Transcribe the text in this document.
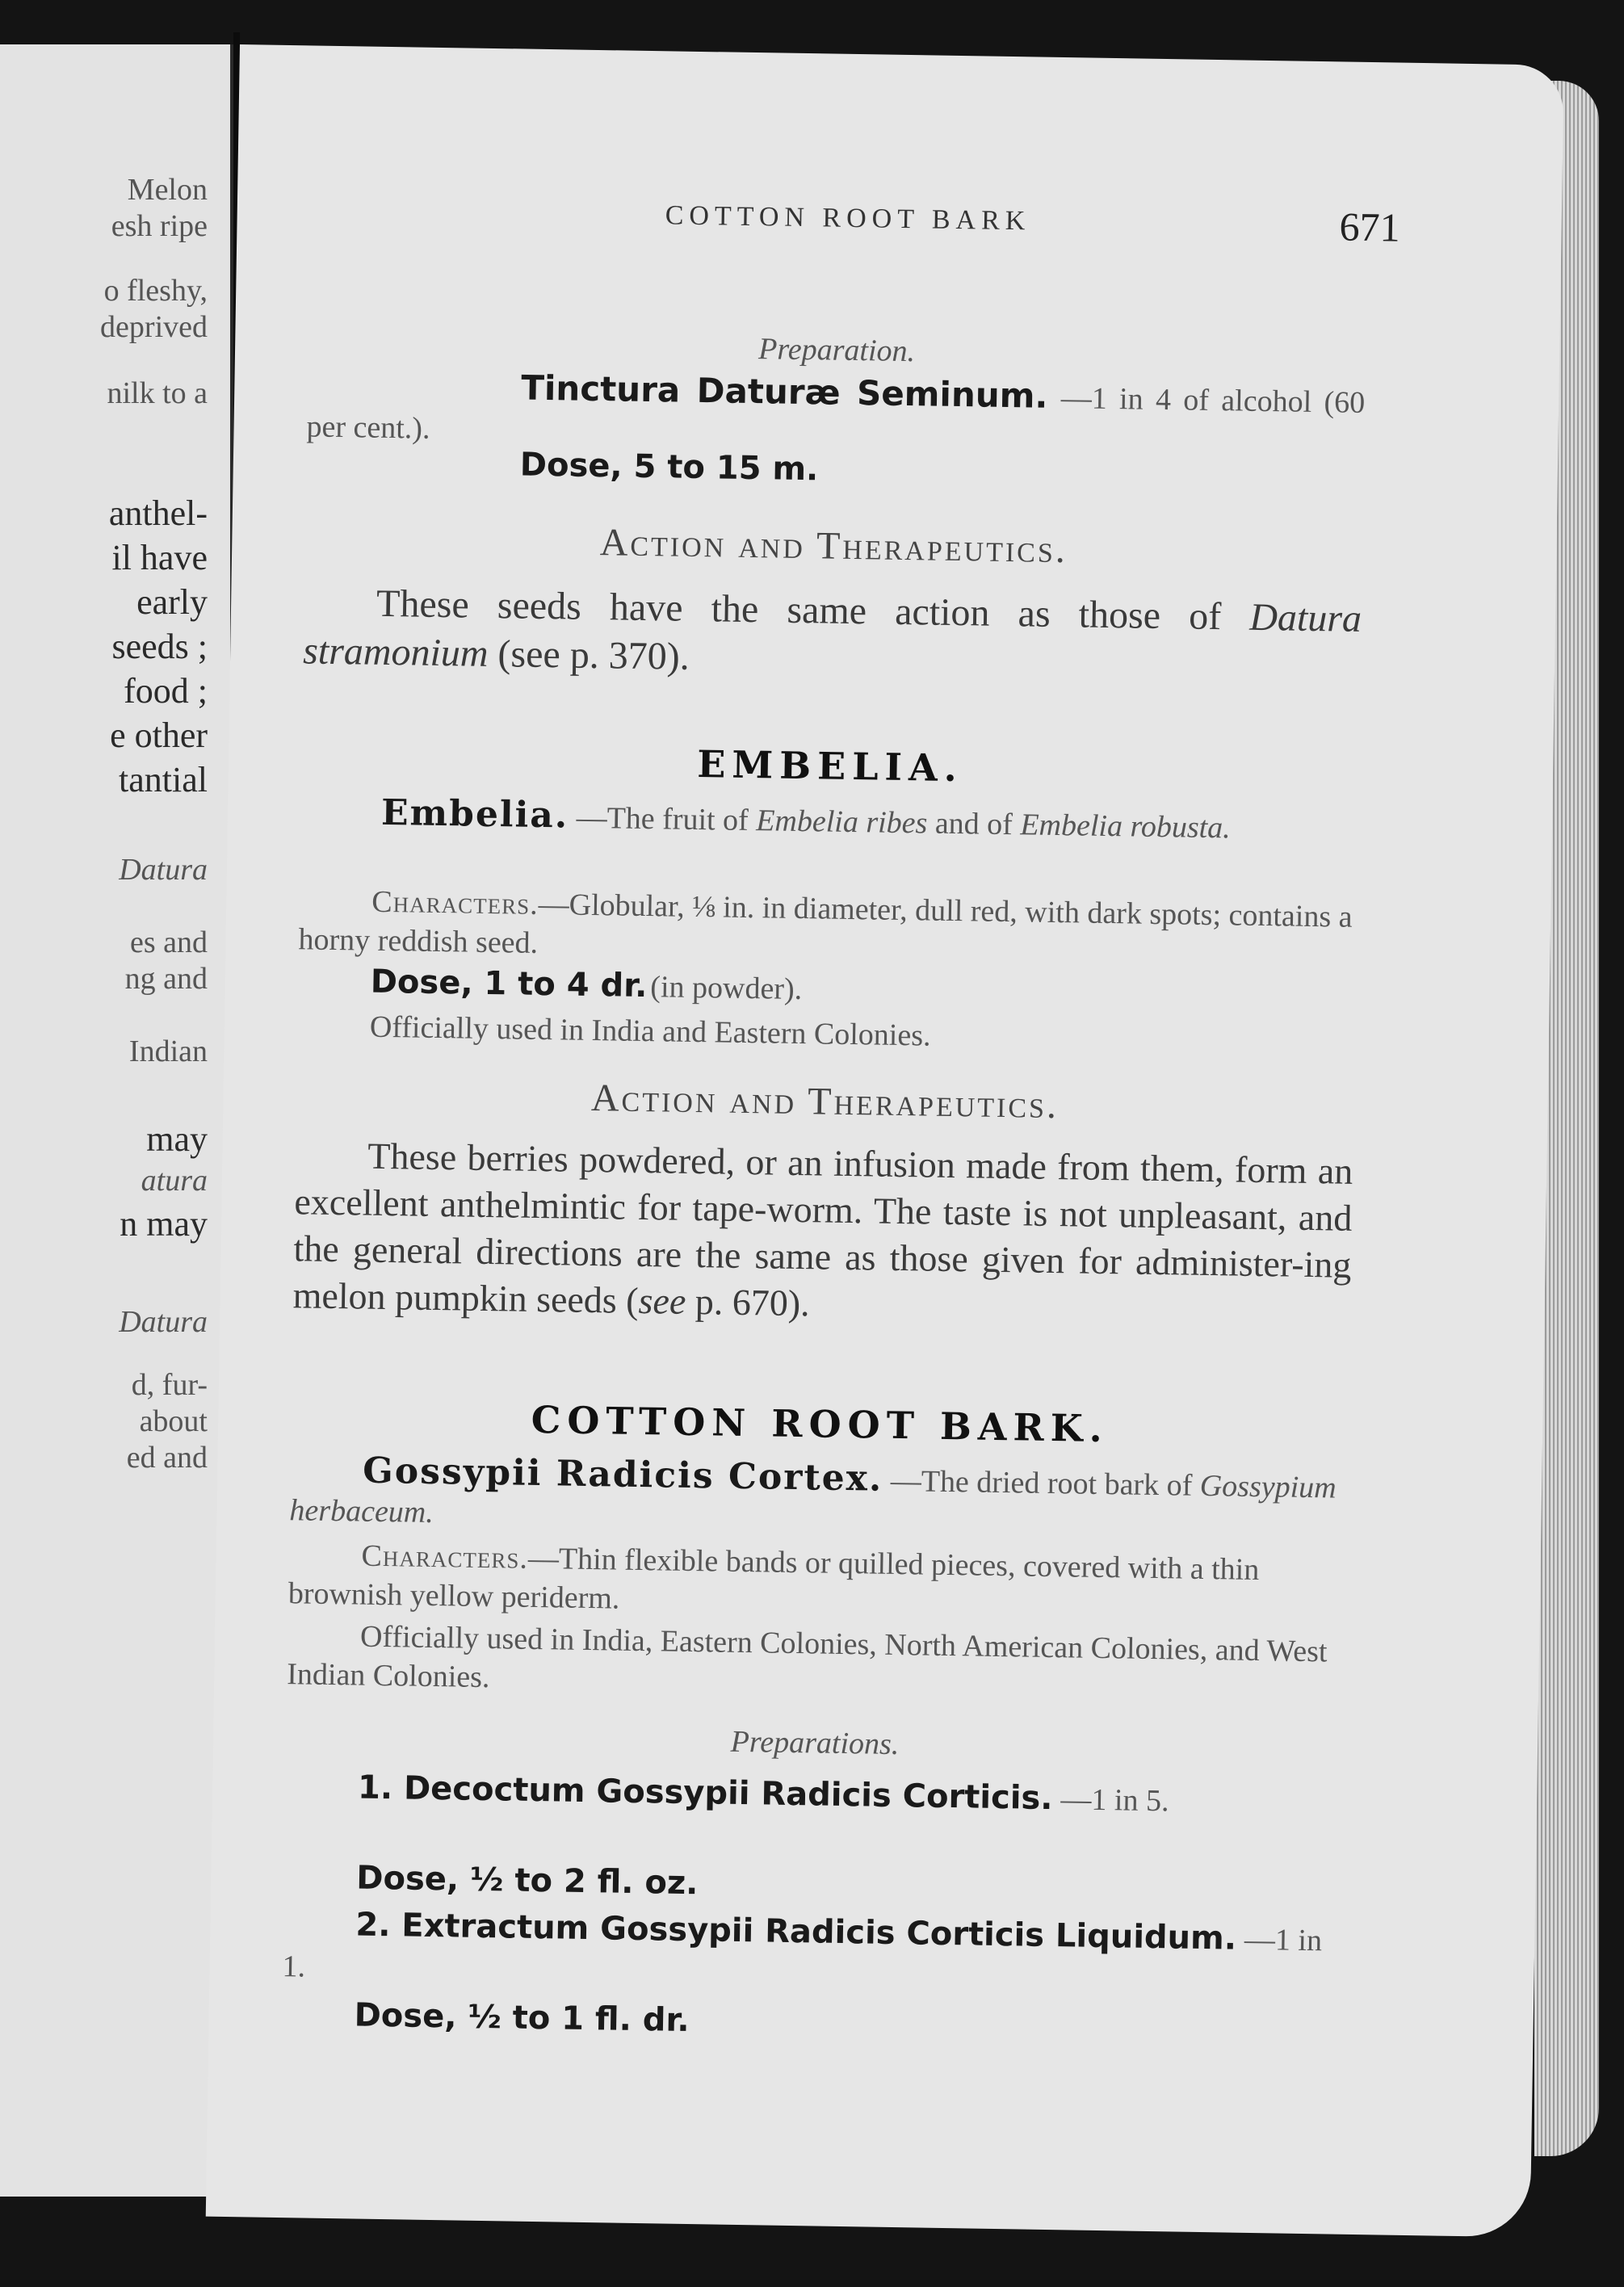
Melon
esh ripe
o fleshy,
deprived
nilk to a
anthel-
il have
early
seeds ;
food ;
e other
tantial
Datura
es and
ng and
Indian
may
atura
n may
Datura
d, fur-
about
ed and
COTTON ROOT BARK	671
Preparation.
Tinctura Daturæ Seminum. —1 in 4 of alcohol (60 per cent.).
Dose, 5 to 15 m.
Action and Therapeutics.
These seeds have the same action as those of Datura stramonium (see p. 370).
EMBELIA.
Embelia. —The fruit of Embelia ribes and of Embelia robusta.
Characters.—Globular, ⅛ in. in diameter, dull red, with dark spots; contains a horny reddish seed.
Dose, 1 to 4 dr. (in powder).
Officially used in India and Eastern Colonies.
Action and Therapeutics.
These berries powdered, or an infusion made from them, form an excellent anthelmintic for tape-worm. The taste is not unpleasant, and the general directions are the same as those given for administer-ing melon pumpkin seeds (see p. 670).
COTTON ROOT BARK.
Gossypii Radicis Cortex. —The dried root bark of Gossypium herbaceum.
Characters.—Thin flexible bands or quilled pieces, covered with a thin brownish yellow periderm.
Officially used in India, Eastern Colonies, North American Colonies, and West Indian Colonies.
Preparations.
1. Decoctum Gossypii Radicis Corticis. —1 in 5.
Dose, ½ to 2 fl. oz.
2. Extractum Gossypii Radicis Corticis Liquidum. —1 in 1.
Dose, ½ to 1 fl. dr.
